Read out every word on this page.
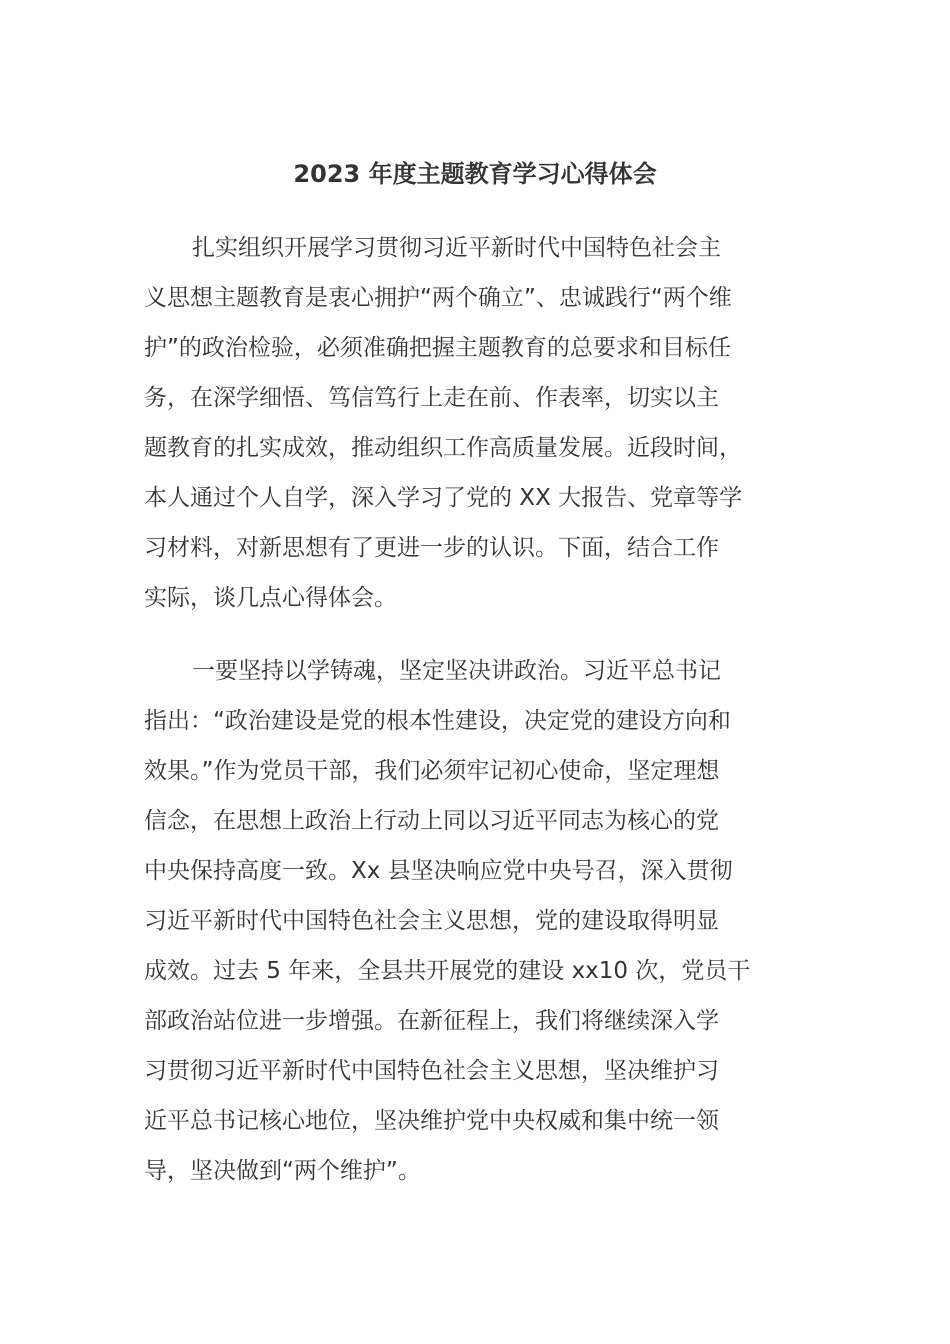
2023 年度主题教育学习心得体会

扎实组织开展学习贯彻习近平新时代中国特色社会主
义思想主题教育是衷心拥护“两个确立”、忠诚践行“两个维
护”的政治检验，必须准确把握主题教育的总要求和目标任
务，在深学细悟、笃信笃行上走在前、作表率，切实以主
题教育的扎实成效，推动组织工作高质量发展。近段时间，
本人通过个人自学，深入学习了党的 XX 大报告、党章等学
习材料，对新思想有了更进一步的认识。下面，结合工作
实际，谈几点心得体会。

一要坚持以学铸魂，坚定坚决讲政治。习近平总书记
指出：“政治建设是党的根本性建设，决定党的建设方向和
效果。”作为党员干部，我们必须牢记初心使命，坚定理想
信念，在思想上政治上行动上同以习近平同志为核心的党
中央保持高度一致。Xx 县坚决响应党中央号召，深入贯彻
习近平新时代中国特色社会主义思想，党的建设取得明显
成效。过去 5 年来，全县共开展党的建设 xx10 次，党员干
部政治站位进一步增强。在新征程上，我们将继续深入学
习贯彻习近平新时代中国特色社会主义思想，坚决维护习
近平总书记核心地位，坚决维护党中央权威和集中统一领
导，坚决做到“两个维护”。
